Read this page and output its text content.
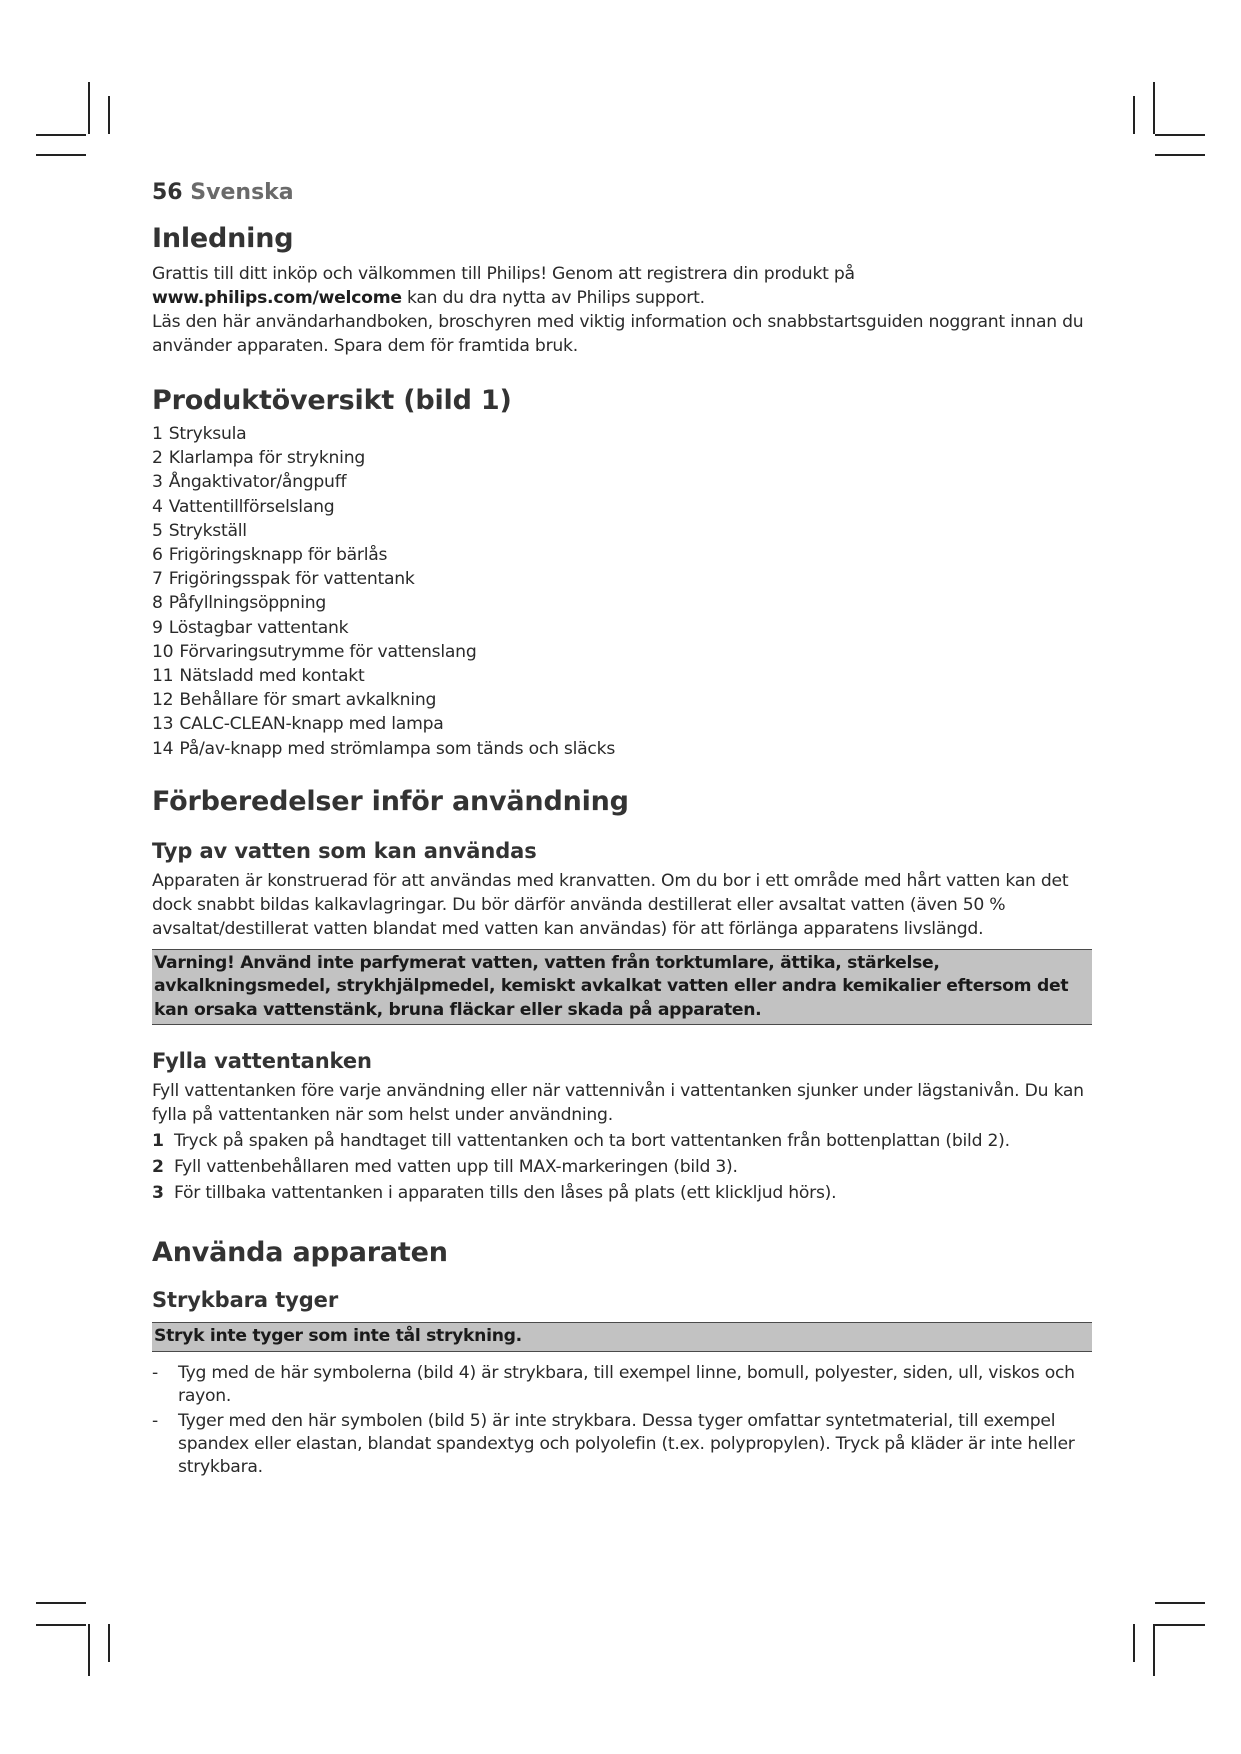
56 Svenska
Inledning

Grattis till ditt inköp och välkommen till Philips! Genom att registrera din produkt på
www.philips.com/welcome kan du dra nytta av Philips support.
Läs den här användarhandboken, broschyren med viktig information och snabbstartsguiden noggrant innan du använder apparaten. Spara dem för framtida bruk.

Produktöversikt (bild 1)
1 Stryksula
2 Klarlampa för strykning
3 Ångaktivator/ångpuff
4 Vattentillförselslang
5 Strykställ
6 Frigöringsknapp för bärlås
7 Frigöringsspak för vattentank
8 Påfyllningsöppning
9 Löstagbar vattentank
10 Förvaringsutrymme för vattenslang
11 Nätsladd med kontakt
12 Behållare för smart avkalkning
13 CALC-CLEAN-knapp med lampa
14 På/av-knapp med strömlampa som tänds och släcks
Förberedelser inför användning
Typ av vatten som kan användas

Apparaten är konstruerad för att användas med kranvatten. Om du bor i ett område med hårt vatten kan det dock snabbt bildas kalkavlagringar. Du bör därför använda destillerat eller avsaltat vatten (även 50 % avsaltat/destillerat vatten blandat med vatten kan användas) för att förlänga apparatens livslängd.

Varning! Använd inte parfymerat vatten, vatten från torktumlare, ättika, stärkelse, avkalkningsmedel, strykhjälpmedel, kemiskt avkalkat vatten eller andra kemikalier eftersom det kan orsaka vattenstänk, bruna fläckar eller skada på apparaten.
Fylla vattentanken

Fyll vattentanken före varje användning eller när vattennivån i vattentanken sjunker under lägstanivån. Du kan fylla på vattentanken när som helst under användning.

1 Tryck på spaken på handtaget till vattentanken och ta bort vattentanken från bottenplattan (bild 2).
2 Fyll vattenbehållaren med vatten upp till MAX-markeringen (bild 3).
3 För tillbaka vattentanken i apparaten tills den låses på plats (ett klickljud hörs).
Använda apparaten
Strykbara tyger
Stryk inte tyger som inte tål strykning.
- Tyg med de här symbolerna (bild 4) är strykbara, till exempel linne, bomull, polyester, siden, ull, viskos och rayon.
- Tyger med den här symbolen (bild 5) är inte strykbara. Dessa tyger omfattar syntetmaterial, till exempel spandex eller elastan, blandat spandextyg och polyolefin (t.ex. polypropylen). Tryck på kläder är inte heller strykbara.
